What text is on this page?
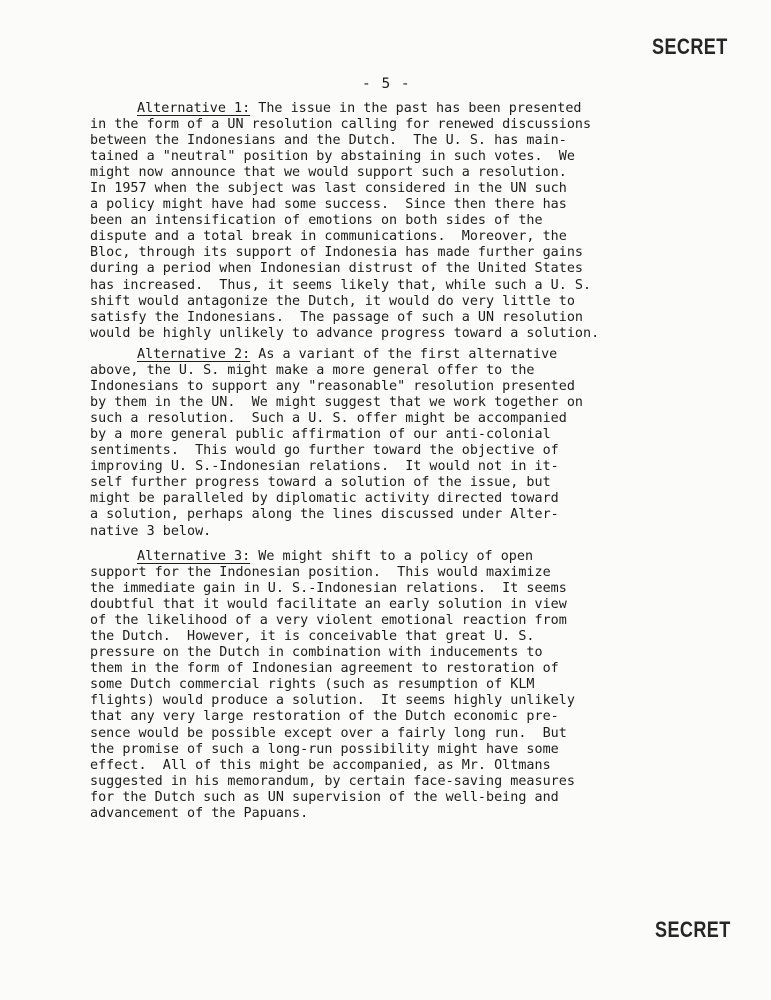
SECRET
- 5 -
Alternative 1: The issue in the past has been presented
in the form of a UN resolution calling for renewed discussions
between the Indonesians and the Dutch.  The U. S. has main-
tained a "neutral" position by abstaining in such votes.  We
might now announce that we would support such a resolution.
In 1957 when the subject was last considered in the UN such
a policy might have had some success.  Since then there has
been an intensification of emotions on both sides of the
dispute and a total break in communications.  Moreover, the
Bloc, through its support of Indonesia has made further gains
during a period when Indonesian distrust of the United States
has increased.  Thus, it seems likely that, while such a U. S.
shift would antagonize the Dutch, it would do very little to
satisfy the Indonesians.  The passage of such a UN resolution
would be highly unlikely to advance progress toward a solution.
Alternative 2: As a variant of the first alternative
above, the U. S. might make a more general offer to the
Indonesians to support any "reasonable" resolution presented
by them in the UN.  We might suggest that we work together on
such a resolution.  Such a U. S. offer might be accompanied
by a more general public affirmation of our anti-colonial
sentiments.  This would go further toward the objective of
improving U. S.-Indonesian relations.  It would not in it-
self further progress toward a solution of the issue, but
might be paralleled by diplomatic activity directed toward
a solution, perhaps along the lines discussed under Alter-
native 3 below.
Alternative 3: We might shift to a policy of open
support for the Indonesian position.  This would maximize
the immediate gain in U. S.-Indonesian relations.  It seems
doubtful that it would facilitate an early solution in view
of the likelihood of a very violent emotional reaction from
the Dutch.  However, it is conceivable that great U. S.
pressure on the Dutch in combination with inducements to
them in the form of Indonesian agreement to restoration of
some Dutch commercial rights (such as resumption of KLM
flights) would produce a solution.  It seems highly unlikely
that any very large restoration of the Dutch economic pre-
sence would be possible except over a fairly long run.  But
the promise of such a long-run possibility might have some
effect.  All of this might be accompanied, as Mr. Oltmans
suggested in his memorandum, by certain face-saving measures
for the Dutch such as UN supervision of the well-being and
advancement of the Papuans.
SECRET
